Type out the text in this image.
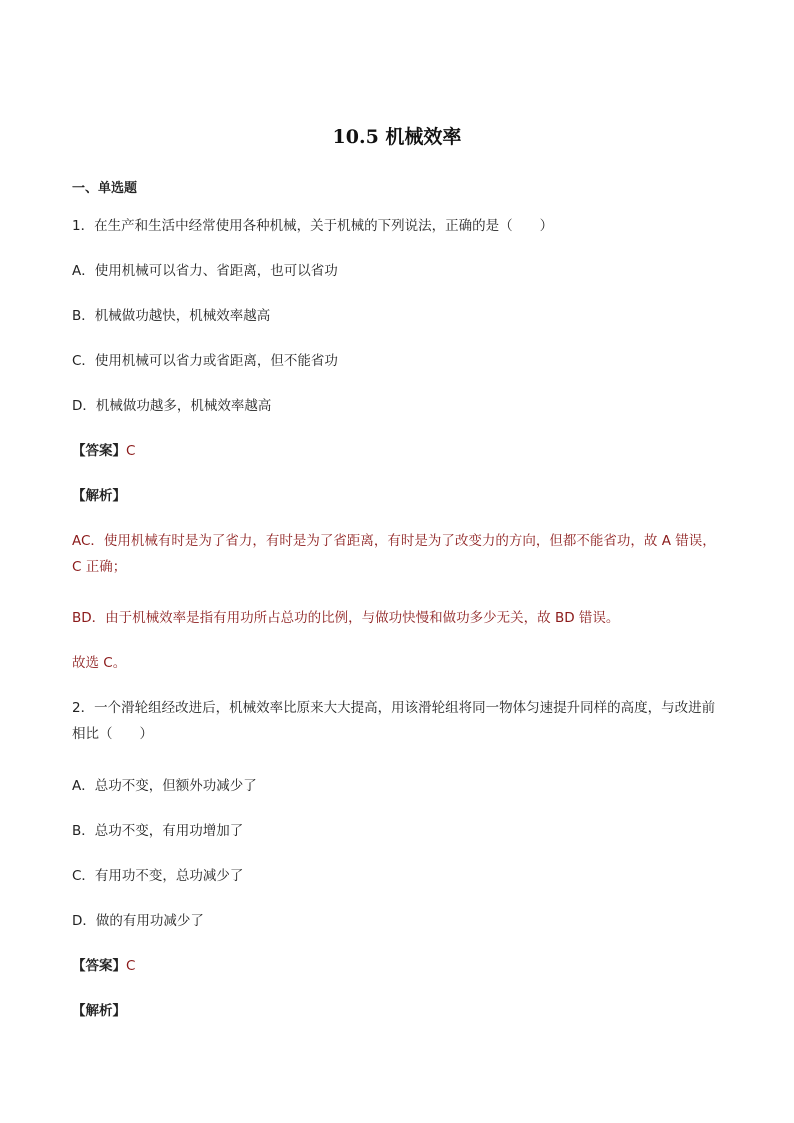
10.5 机械效率
一、单选题
1．在生产和生活中经常使用各种机械，关于机械的下列说法，正确的是（　　）
A．使用机械可以省力、省距离，也可以省功
B．机械做功越快，机械效率越高
C．使用机械可以省力或省距离，但不能省功
D．机械做功越多，机械效率越高
【答案】C
【解析】
AC．使用机械有时是为了省力，有时是为了省距离，有时是为了改变力的方向，但都不能省功，故 A 错误，C 正确；
BD．由于机械效率是指有用功所占总功的比例，与做功快慢和做功多少无关，故 BD 错误。
故选 C。
2．一个滑轮组经改进后，机械效率比原来大大提高，用该滑轮组将同一物体匀速提升同样的高度，与改进前相比（　　）
A．总功不变，但额外功减少了
B．总功不变，有用功增加了
C．有用功不变，总功减少了
D．做的有用功减少了
【答案】C
【解析】
